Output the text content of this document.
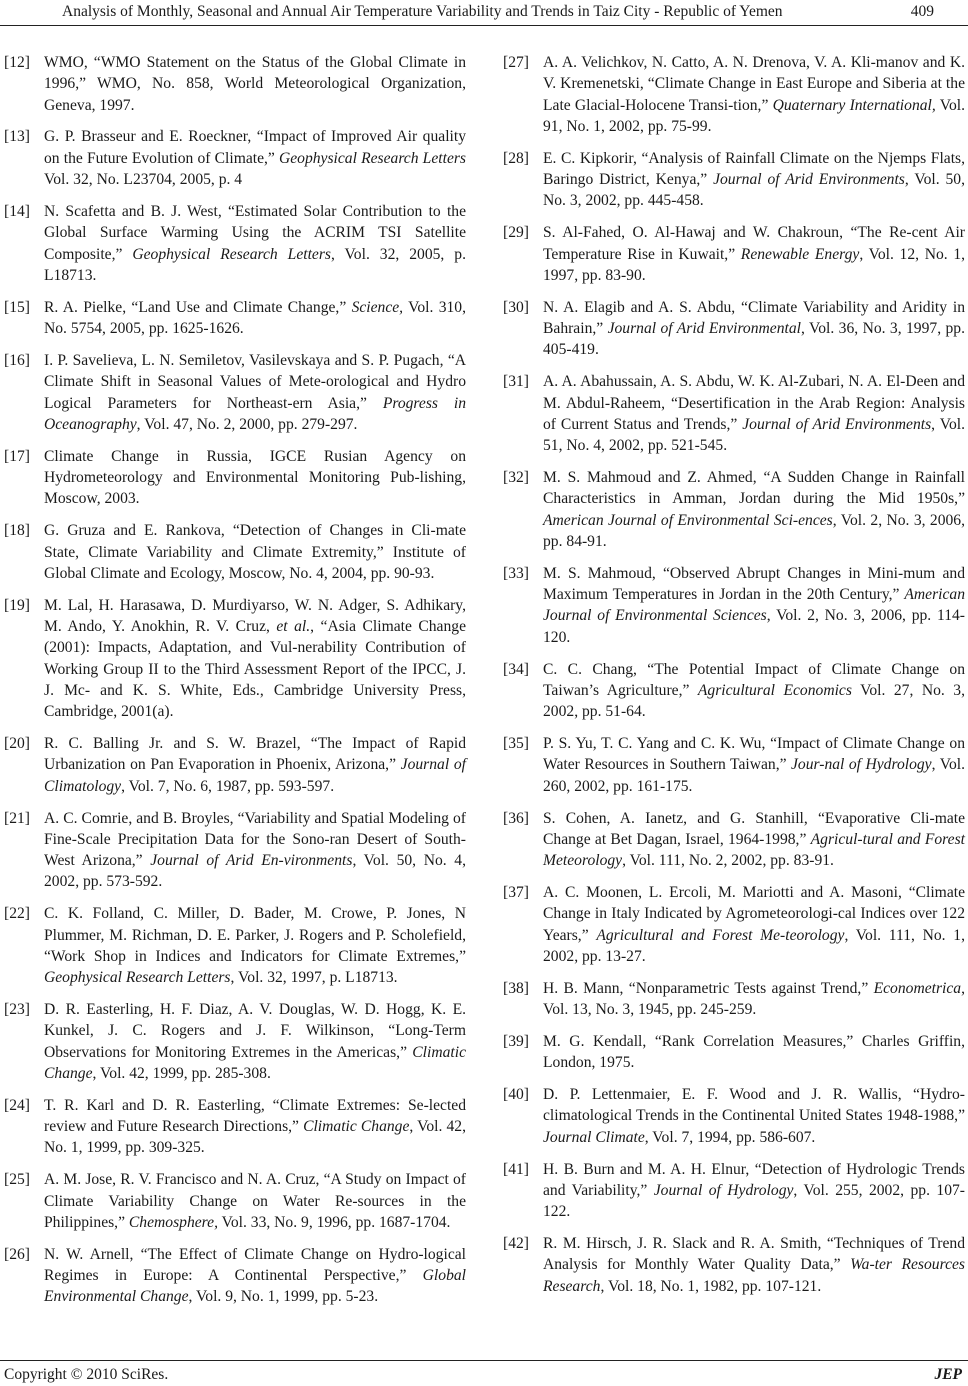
Analysis of Monthly, Seasonal and Annual Air Temperature Variability and Trends in Taiz City - Republic of Yemen	409
[12] WMO, “WMO Statement on the Status of the Global Climate in 1996,” WMO, No. 858, World Meteorological Organization, Geneva, 1997.
[13] G. P. Brasseur and E. Roeckner, “Impact of Improved Air quality on the Future Evolution of Climate,” Geophysical Research Letters Vol. 32, No. L23704, 2005, p. 4
[14] N. Scafetta and B. J. West, “Estimated Solar Contribution to the Global Surface Warming Using the ACRIM TSI Satellite Composite,” Geophysical Research Letters, Vol. 32, 2005, p. L18713.
[15] R. A. Pielke, “Land Use and Climate Change,” Science, Vol. 310, No. 5754, 2005, pp. 1625-1626.
[16] I. P. Savelieva, L. N. Semiletov, Vasilevskaya and S. P. Pugach, “A Climate Shift in Seasonal Values of Mete-orological and Hydro Logical Parameters for Northeast-ern Asia,” Progress in Oceanography, Vol. 47, No. 2, 2000, pp. 279-297.
[17] Climate Change in Russia, IGCE Rusian Agency on Hydrometeorology and Environmental Monitoring Pub-lishing, Moscow, 2003.
[18] G. Gruza and E. Rankova, “Detection of Changes in Cli-mate State, Climate Variability and Climate Extremity,” Institute of Global Climate and Ecology, Moscow, No. 4, 2004, pp. 90-93.
[19] M. Lal, H. Harasawa, D. Murdiyarso, W. N. Adger, S. Adhikary, M. Ando, Y. Anokhin, R. V. Cruz, et al., “Asia Climate Change (2001): Impacts, Adaptation, and Vul-nerability Contribution of Working Group II to the Third Assessment Report of the IPCC, J. J. Mc- and K. S. White, Eds., Cambridge University Press, Cambridge, 2001(a).
[20] R. C. Balling Jr. and S. W. Brazel, “The Impact of Rapid Urbanization on Pan Evaporation in Phoenix, Arizona,” Journal of Climatology, Vol. 7, No. 6, 1987, pp. 593-597.
[21] A. C. Comrie, and B. Broyles, “Variability and Spatial Modeling of Fine-Scale Precipitation Data for the Sono-ran Desert of South-West Arizona,” Journal of Arid En-vironments, Vol. 50, No. 4, 2002, pp. 573-592.
[22] C. K. Folland, C. Miller, D. Bader, M. Crowe, P. Jones, N Plummer, M. Richman, D. E. Parker, J. Rogers and P. Scholefield, “Work Shop in Indices and Indicators for Climate Extremes,” Geophysical Research Letters, Vol. 32, 1997, p. L18713.
[23] D. R. Easterling, H. F. Diaz, A. V. Douglas, W. D. Hogg, K. E. Kunkel, J. C. Rogers and J. F. Wilkinson, “Long-Term Observations for Monitoring Extremes in the Americas,” Climatic Change, Vol. 42, 1999, pp. 285-308.
[24] T. R. Karl and D. R. Easterling, “Climate Extremes: Se-lected review and Future Research Directions,” Climatic Change, Vol. 42, No. 1, 1999, pp. 309-325.
[25] A. M. Jose, R. V. Francisco and N. A. Cruz, “A Study on Impact of Climate Variability Change on Water Re-sources in the Philippines,” Chemosphere, Vol. 33, No. 9, 1996, pp. 1687-1704.
[26] N. W. Arnell, “The Effect of Climate Change on Hydro-logical Regimes in Europe: A Continental Perspective,” Global Environmental Change, Vol. 9, No. 1, 1999, pp. 5-23.
[27] A. A. Velichkov, N. Catto, A. N. Drenova, V. A. Kli-manov and K. V. Kremenetski, “Climate Change in East Europe and Siberia at the Late Glacial-Holocene Transi-tion,” Quaternary International, Vol. 91, No. 1, 2002, pp. 75-99.
[28] E. C. Kipkorir, “Analysis of Rainfall Climate on the Njemps Flats, Baringo District, Kenya,” Journal of Arid Environments, Vol. 50, No. 3, 2002, pp. 445-458.
[29] S. Al-Fahed, O. Al-Hawaj and W. Chakroun, “The Re-cent Air Temperature Rise in Kuwait,” Renewable Energy, Vol. 12, No. 1, 1997, pp. 83-90.
[30] N. A. Elagib and A. S. Abdu, “Climate Variability and Aridity in Bahrain,” Journal of Arid Environmental, Vol. 36, No. 3, 1997, pp. 405-419.
[31] A. A. Abahussain, A. S. Abdu, W. K. Al-Zubari, N. A. El-Deen and M. Abdul-Raheem, “Desertification in the Arab Region: Analysis of Current Status and Trends,” Journal of Arid Environments, Vol. 51, No. 4, 2002, pp. 521-545.
[32] M. S. Mahmoud and Z. Ahmed, “A Sudden Change in Rainfall Characteristics in Amman, Jordan during the Mid 1950s,” American Journal of Environmental Sci-ences, Vol. 2, No. 3, 2006, pp. 84-91.
[33] M. S. Mahmoud, “Observed Abrupt Changes in Mini-mum and Maximum Temperatures in Jordan in the 20th Century,” American Journal of Environmental Sciences, Vol. 2, No. 3, 2006, pp. 114-120.
[34] C. C. Chang, “The Potential Impact of Climate Change on Taiwan’s Agriculture,” Agricultural Economics Vol. 27, No. 3, 2002, pp. 51-64.
[35] P. S. Yu, T. C. Yang and C. K. Wu, “Impact of Climate Change on Water Resources in Southern Taiwan,” Jour-nal of Hydrology, Vol. 260, 2002, pp. 161-175.
[36] S. Cohen, A. Ianetz, and G. Stanhill, “Evaporative Cli-mate Change at Bet Dagan, Israel, 1964-1998,” Agricul-tural and Forest Meteorology, Vol. 111, No. 2, 2002, pp. 83-91.
[37] A. C. Moonen, L. Ercoli, M. Mariotti and A. Masoni, “Climate Change in Italy Indicated by Agrometeorologi-cal Indices over 122 Years,” Agricultural and Forest Me-teorology, Vol. 111, No. 1, 2002, pp. 13-27.
[38] H. B. Mann, “Nonparametric Tests against Trend,” Econometrica, Vol. 13, No. 3, 1945, pp. 245-259.
[39] M. G. Kendall, “Rank Correlation Measures,” Charles Griffin, London, 1975.
[40] D. P. Lettenmaier, E. F. Wood and J. R. Wallis, “Hydro-climatological Trends in the Continental United States 1948-1988,” Journal Climate, Vol. 7, 1994, pp. 586-607.
[41] H. B. Burn and M. A. H. Elnur, “Detection of Hydrologic Trends and Variability,” Journal of Hydrology, Vol. 255, 2002, pp. 107-122.
[42] R. M. Hirsch, J. R. Slack and R. A. Smith, “Techniques of Trend Analysis for Monthly Water Quality Data,” Wa-ter Resources Research, Vol. 18, No. 1, 1982, pp. 107-121.
Copyright © 2010 SciRes.	JEP
